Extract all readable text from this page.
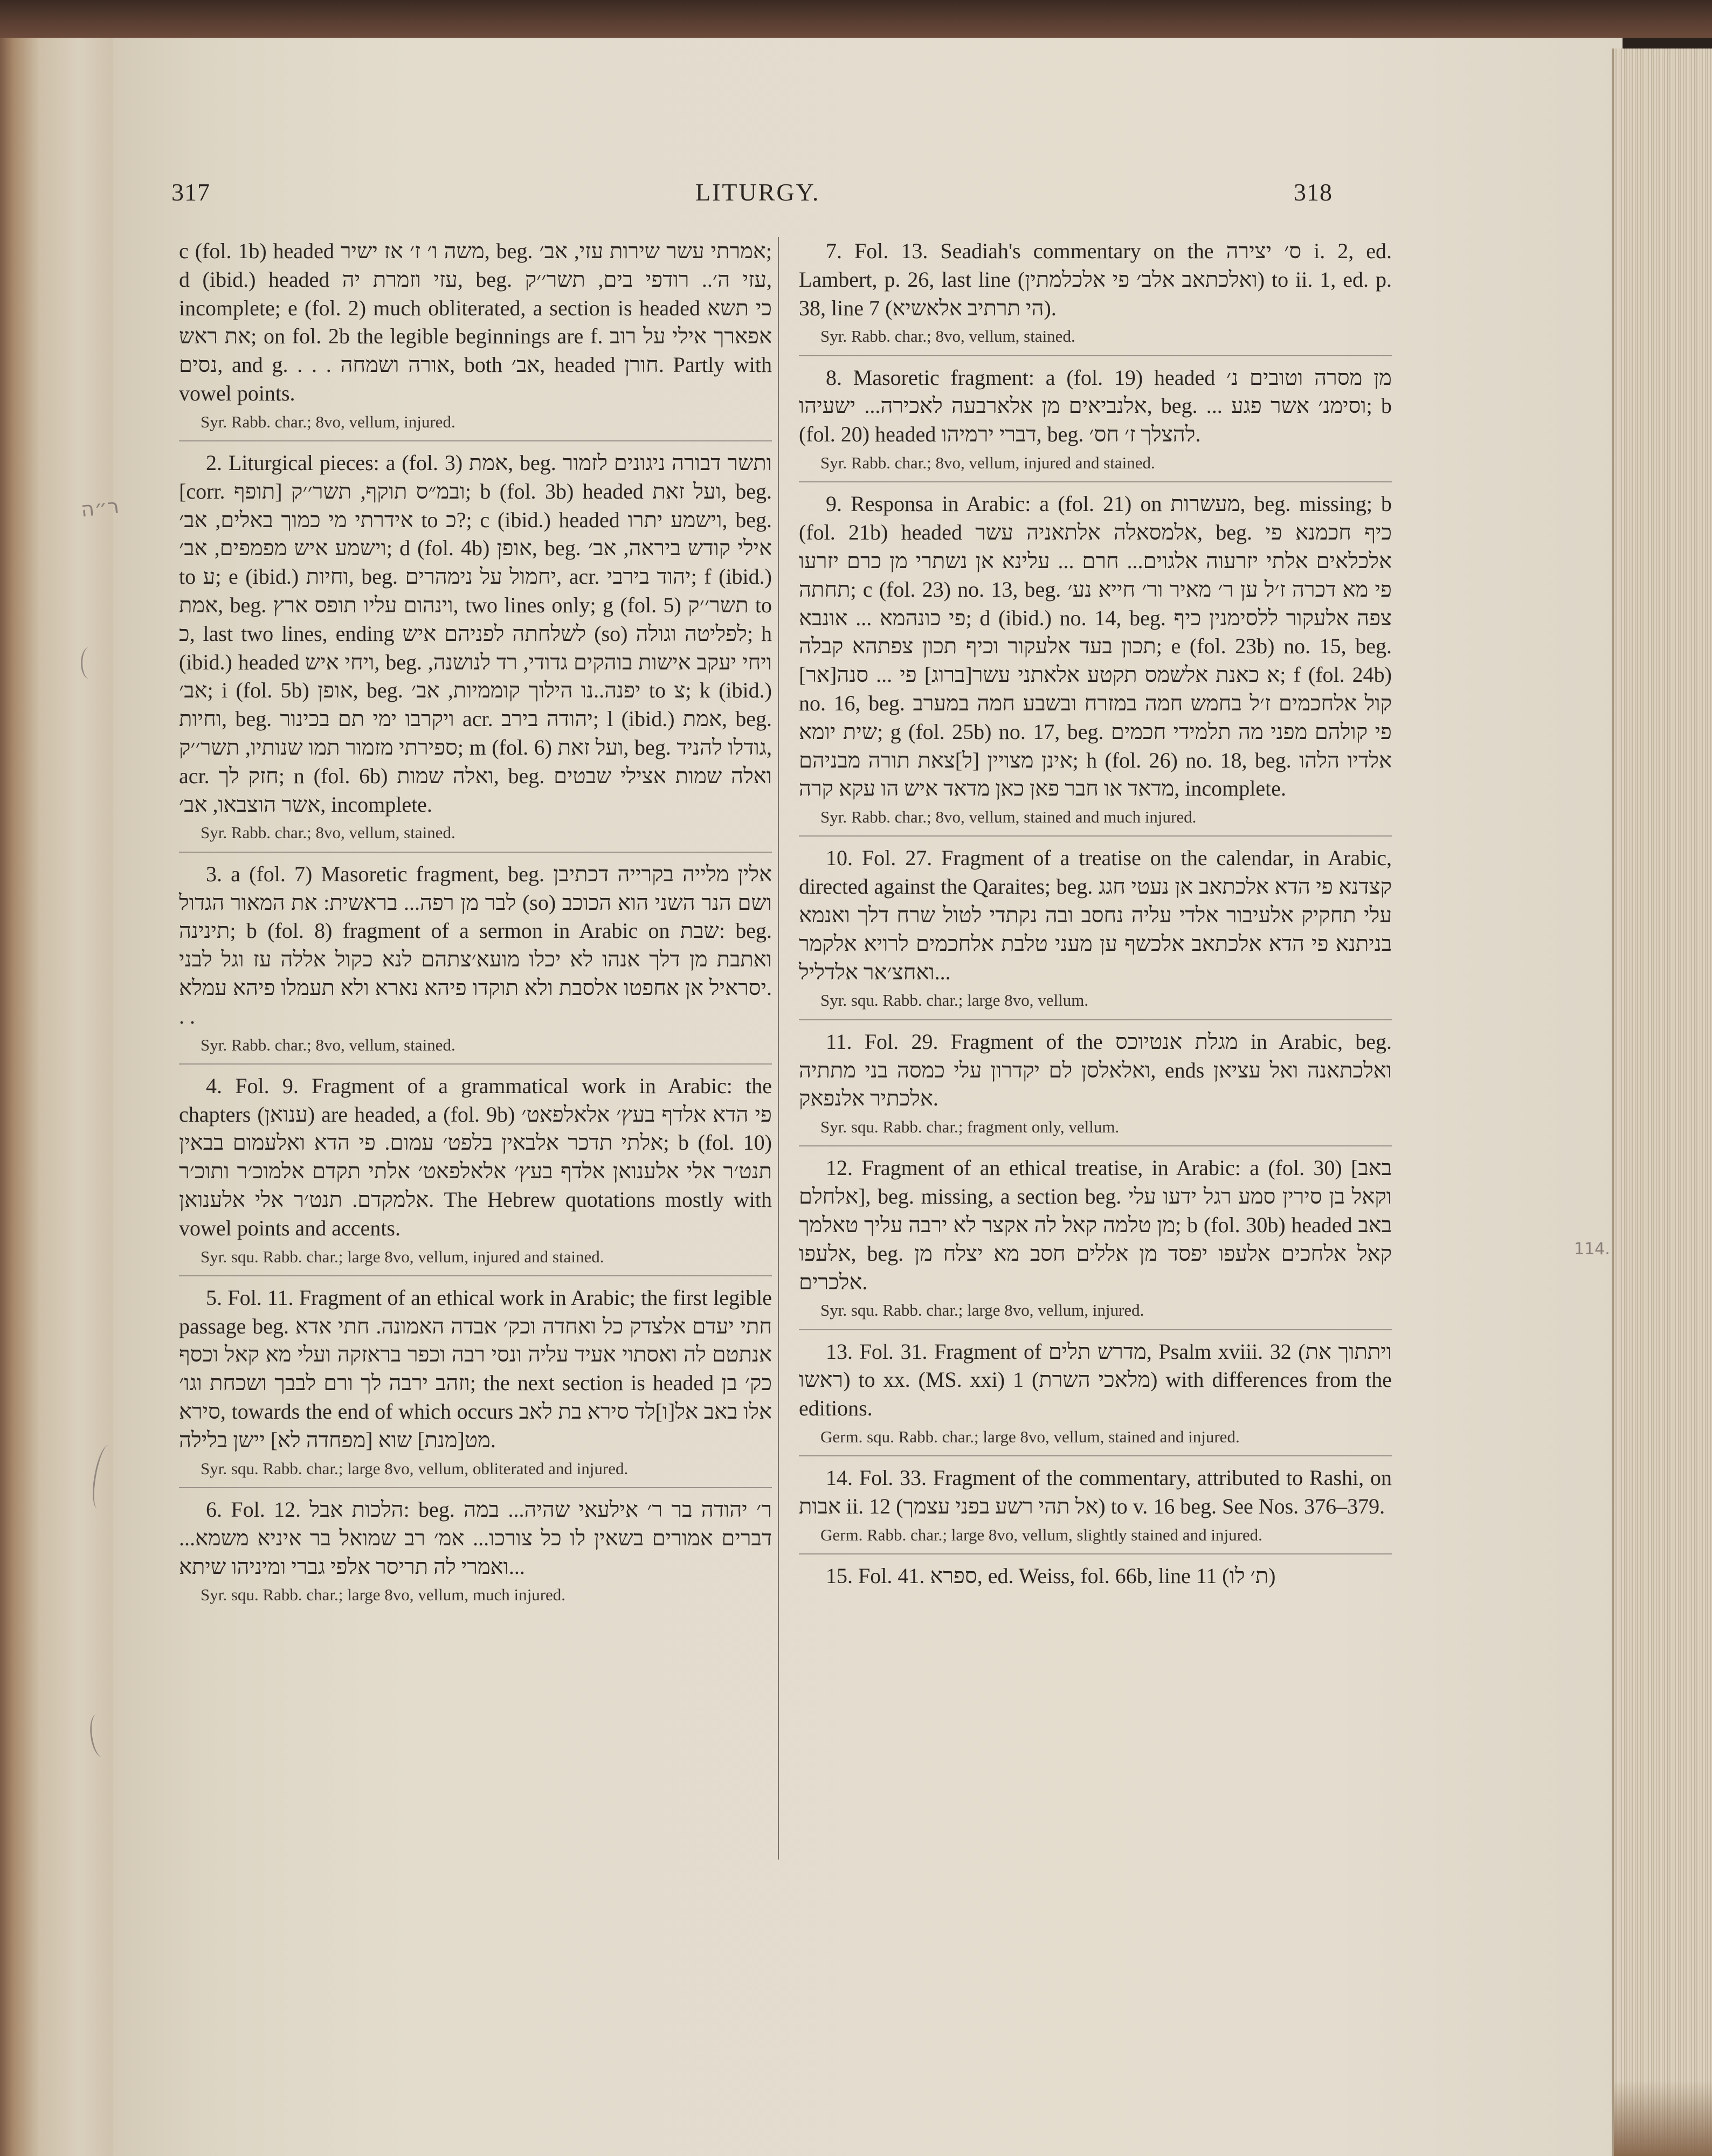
317	LITURGY.	318
c (fol. 1b) headed משה ו׳ ז׳ אז ישיר, beg. אמרתי עשר שירות עזי, אב׳; d (ibid.) headed עזי וזמרת יה, beg. עזי ה׳.. רודפי בים, תשר׳׳ק, incomplete; e (fol. 2) much obliterated, a section is headed כי תשא את ראש; on fol. 2b the legible beginnings are f. אפארך אילי על רוב נסים, and g. . . . אורה ושמחה, both אב׳, headed חורן. Partly with vowel points.
Syr. Rabb. char.; 8vo, vellum, injured.
2. Liturgical pieces: a (fol. 3) אמת, beg. ותשר דבורה ניגונים לזמור [corr. תופף] ובמ״ס תוקף, תשר׳׳ק; b (fol. 3b) headed ועל זאת, beg. אידרתי מי כמוך באלים, אב׳ to כ?; c (ibid.) headed וישמע יתרו, beg. וישמע איש מפמפים, אב׳; d (fol. 4b) אופן, beg. אילי קודש ביראה, אב׳ to ע; e (ibid.) וחיות, beg. יחמול על נימהרים, acr. יהוד בירבי; f (ibid.) אמת, beg. וינהום עליו תופס ארץ, two lines only; g (fol. 5) תשר׳׳ק to כ, last two lines, ending לשלחתה לפניהם איש (so) לפליטה וגולה; h (ibid.) headed ויחי איש, beg. ויחי יעקב אישות בוהקים גדודי, רד לנושנה, אב׳; i (fol. 5b) אופן, beg. יפנה..נו הילוך קוממיות, אב׳ to צ; k (ibid.) וחיות, beg. ויקרבו ימי תם בכינור acr. יהודה בירב; l (ibid.) אמת, beg. ספירתי מזמור תמו שנותיו, תשר׳׳ק; m (fol. 6) ועל זאת, beg. גודלו להניד, acr. חזק לך; n (fol. 6b) ואלה שמות, beg. ואלה שמות אצילי שבטים אשר הוצבאו, אב׳, incomplete.
Syr. Rabb. char.; 8vo, vellum, stained.
3. a (fol. 7) Masoretic fragment, beg. אלין מלייה בקרייה דכתיבן לבר מן רפה... בראשית: את המאור הגדול (so) ושם הנר השני הוא הכוכב תינינה; b (fol. 8) fragment of a sermon in Arabic on שבת: beg. ואתבת מן דלך אנהו לא יכלו מועא׳צתהם לנא כקול אללה עז וגל לבני יסראיל אן אחפטו אלסבת ולא תוקדו פיהא נארא ולא תעמלו פיהא עמלא. . .
Syr. Rabb. char.; 8vo, vellum, stained.
4. Fol. 9. Fragment of a grammatical work in Arabic: the chapters (ענואן) are headed, a (fol. 9b) פי הדא אלדף בעץ׳ אלאלפאט׳ אלתי תדכר אלבאין בלפט׳ עמום. פי הדא ואלעמום בבאין; b (fol. 10) תנט׳ר אלי אלענואן אלדף בעץ׳ אלאלפאט׳ אלתי תקדם אלמוכ׳ר ותוכ׳ר אלמקדם. תנט׳ר אלי אלענואן. The Hebrew quotations mostly with vowel points and accents.
Syr. squ. Rabb. char.; large 8vo, vellum, injured and stained.
5. Fol. 11. Fragment of an ethical work in Arabic; the first legible passage beg. חתי יעדם אלצדק כל ואחדה וכק׳ אבדה האמונה. חתי אדא אנתטם לה ואסתוי אעיד עליה ונסי רבה וכפר בראזקה ועלי מא קאל וכסף וזהב ירבה לך ורם לבבך ושכחת וגו׳; the next section is headed כק׳ בן סירא, towards the end of which occurs אלו באב אל[ו]לד סירא בת לאב מט[מנת] שוא [מפחדה לא] יישן בלילה.
Syr. squ. Rabb. char.; large 8vo, vellum, obliterated and injured.
6. Fol. 12. הלכות אבל: beg. ר׳ יהודה בר ר׳ אילעאי שהיה... במה דברים אמורים בשאין לו כל צורכו... אמ׳ רב שמואל בר איניא משמא... ואמרי לה תריסר אלפי גברי ומיניהו שיתא...
Syr. squ. Rabb. char.; large 8vo, vellum, much injured.
7. Fol. 13. Seadiah's commentary on the ס׳ יצירה i. 2, ed. Lambert, p. 26, last line (ואלכתאב אלב׳ פי אלכלמתין) to ii. 1, ed. p. 38, line 7 (הי תרתיב אלאשיא).
Syr. Rabb. char.; 8vo, vellum, stained.
8. Masoretic fragment: a (fol. 19) headed מן מסרה וטובים נ׳ אלנביאים מן אלארבעה לאכירה... ישעיהו, beg. ... וסימנ׳ אשר פגע; b (fol. 20) headed דברי ירמיהו, beg. להצלך ז׳ חס׳.
Syr. Rabb. char.; 8vo, vellum, injured and stained.
9. Responsa in Arabic: a (fol. 21) on מעשרות, beg. missing; b (fol. 21b) headed אלמסאלה אלתאניה עשר, beg. כיף חכמנא פי אלכלאים אלתי יזרעוה אלגוים... חרם ... עלינא אן נשתרי מן כרם יזרעו תחתה; c (fol. 23) no. 13, beg. פי מא דכרה ז׳ל ען ר׳ מאיר ור׳ חייא נע׳ פי כונהמא ... אונבא; d (ibid.) no. 14, beg. צפה אלעקור ללסימנין כיף תכון בעד אלעקור וכיף תכון צפתהא קבלה; e (fol. 23b) no. 15, beg. [אר]א כאנת אלשמס תקטע אלאתני עשר[ברוג] פי ... סנה; f (fol. 24b) no. 16, beg. קול אלחכמים ז׳ל בחמש חמה במזרח ובשבע חמה במערב שית יומא; g (fol. 25b) no. 17, beg. פי קולהם מפני מה תלמידי חכמים אינן מצויין [ל]צאת תורה מבניהם; h (fol. 26) no. 18, beg. אלדיו הלהו מדאד או חבר פאן כאן מדאד איש הו עקא קרה, incomplete.
Syr. Rabb. char.; 8vo, vellum, stained and much injured.
10. Fol. 27. Fragment of a treatise on the calendar, in Arabic, directed against the Qaraites; beg. קצדנא פי הדא אלכתאב אן נעטי חגג עלי תחקיק אלעיבור אלדי עליה נחסב ובה נקתדי לטול שרח דלך ואנמא בניתנא פי הדא אלכתאב אלכשף ען מעני טלבת אלחכמים לרויא אלקמר ואחצ׳אר אלדליל...
Syr. squ. Rabb. char.; large 8vo, vellum.
11. Fol. 29. Fragment of the מגלת אנטיוכס in Arabic, beg. ואלאלסן לם יקדרון עלי כמסה בני מתתיה, ends ואלכתאנה ואל עציאן אלכתיר אלנפאק.
Syr. squ. Rabb. char.; fragment only, vellum.
12. Fragment of an ethical treatise, in Arabic: a (fol. 30) [באב אלחלם], beg. missing, a section beg. וקאל בן סירין סמע רגל ידעו עלי מן טלמה קאל לה אקצר לא ירבה עליך טאלמך; b (fol. 30b) headed באב אלעפו, beg. קאל אלחכים אלעפו יפסד מן אללים חסב מא יצלח מן אלכרים.
Syr. squ. Rabb. char.; large 8vo, vellum, injured.
13. Fol. 31. Fragment of מדרש תלים, Psalm xviii. 32 (ויתתוך את ראשו) to xx. (MS. xxi) 1 (מלאכי השרת) with differences from the editions.
Germ. squ. Rabb. char.; large 8vo, vellum, stained and injured.
14. Fol. 33. Fragment of the commentary, attributed to Rashi, on אבות ii. 12 (אל תהי רשע בפני עצמך) to v. 16 beg. See Nos. 376–379.
Germ. Rabb. char.; large 8vo, vellum, slightly stained and injured.
15. Fol. 41. ספרא, ed. Weiss, fol. 66b, line 11 (ת׳ לו)
ר״ה
114.
